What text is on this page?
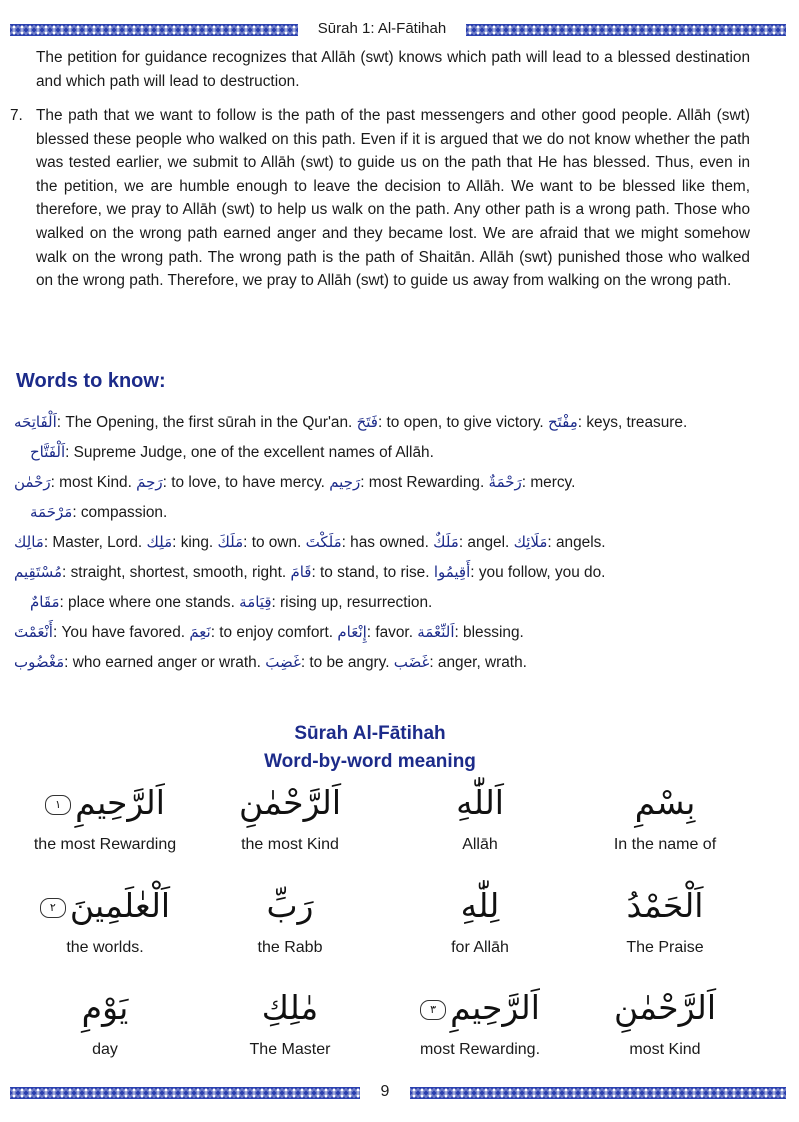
Sūrah 1: Al-Fātihah

The petition for guidance recognizes that Allāh (swt) knows which path will lead to a blessed destination and which path will lead to destruction.

7. The path that we want to follow is the path of the past messengers and other good people. Allāh (swt) blessed these people who walked on this path. Even if it is argued that we do not know whether the path was tested earlier, we submit to Allāh (swt) to guide us on the path that He has blessed. Thus, even in the petition, we are humble enough to leave the decision to Allāh. We want to be blessed like them, therefore, we pray to Allāh (swt) to help us walk on the path. Any other path is a wrong path. Those who walked on the wrong path earned anger and they became lost. We are afraid that we might somehow walk on the wrong path. The wrong path is the path of Shaitān. Allāh (swt) punished those who walked on the wrong path. Therefore, we pray to Allāh (swt) to guide us away from walking on the wrong path.
Words to know:
اَلْفَاتِحَه: The Opening, the first sūrah in the Qur'an. فَتَحَ: to open, to give victory. مِفْتَح: keys, treasure.
اَلْفَتَّاح: Supreme Judge, one of the excellent names of Allāh.
رَحْمٰن: most Kind. رَحِمَ: to love, to have mercy. رَحِيم: most Rewarding. رَحْمَةٌ: mercy.
مَرْحَمَة: compassion.
مَالِك: Master, Lord. مَلِك: king. مَلَكَ: to own. مَلَكْتَ: has owned. مَلَكٌ: angel. مَلَائِك: angels.
مُسْتَقِيم: straight, shortest, smooth, right. قَامَ: to stand, to rise. أَقِيمُوا: you follow, you do.
مَقَامٌ: place where one stands. قِيَامَة: rising up, resurrection.
أَنْعَمْتَ: You have favored. نَعِمَ: to enjoy comfort. إِنْعَام: favor. اَلنِّعْمَة: blessing.
مَغْضُوب: who earned anger or wrath. غَضِبَ: to be angry. غَضَب: anger, wrath.
Sūrah Al-Fātihah
Word-by-word meaning
بِسْمِ
In the name of
اَللّٰهِ
Allāh
اَلرَّحْمٰنِ
the most Kind
اَلرَّحِيمِ١
the most Rewarding
اَلْحَمْدُ
The Praise
لِلّٰهِ
for Allāh
رَبِّ
the Rabb
اَلْعٰلَمِينَ٢
the worlds.
اَلرَّحْمٰنِ
most Kind
اَلرَّحِيمِ٣
most Rewarding.
مٰلِكِ
The Master
يَوْمِ
day
9
